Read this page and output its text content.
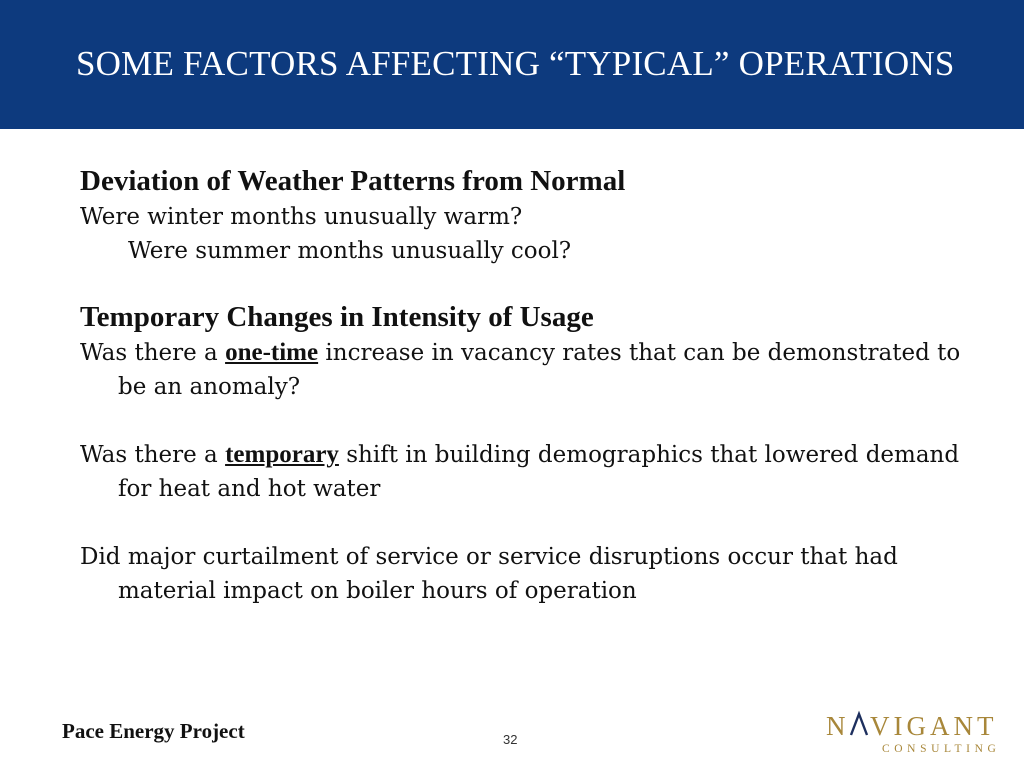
SOME FACTORS AFFECTING “TYPICAL” OPERATIONS
Deviation of Weather Patterns from Normal

Were winter months unusually warm?

Were summer months unusually cool?

Temporary Changes in Intensity of Usage

Was there a one-time increase in vacancy rates that can be demonstrated to be an anomaly?

Was there a temporary shift in building demographics that lowered demand for heat and hot water

Did major curtailment of service or service disruptions occur that had material impact on boiler hours of operation

Pace Energy Project	32	N VIGANT
CONSULTING
